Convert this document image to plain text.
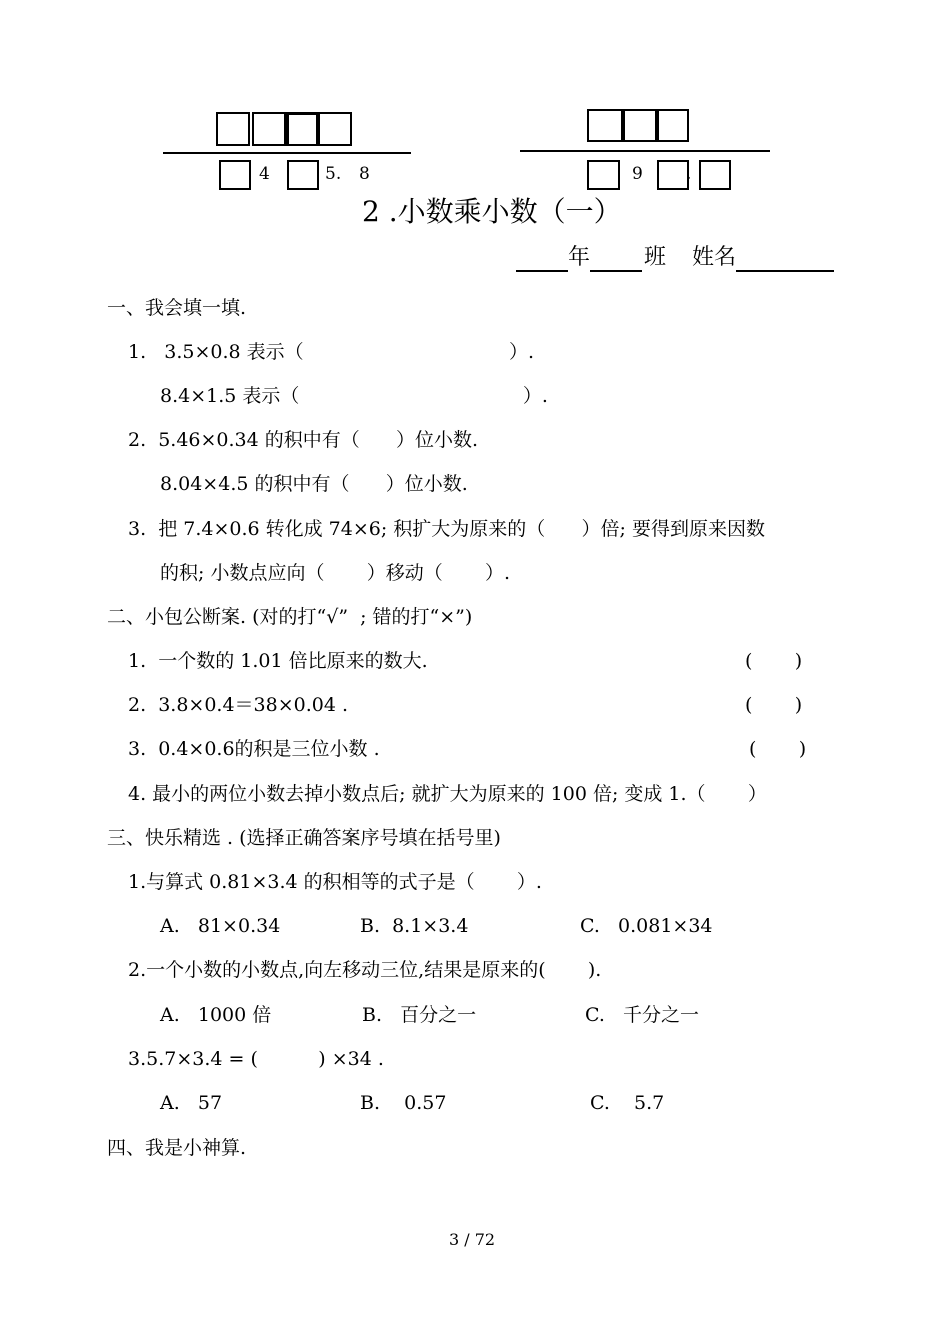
4	5. 8	9	.
2 .小数乘小数（一）
年 班 姓名
一、我会填一填.
1.   3.5×0.8 表示（                                  ）.
8.4×1.5 表示（                                     ）.
2.  5.46×0.34 的积中有（      ）位小数.
8.04×4.5 的积中有（      ）位小数.
3.  把 7.4×0.6 转化成 74×6; 积扩大为原来的（      ）倍; 要得到原来因数
的积; 小数点应向（       ）移动（       ）.
二、小包公断案. (对的打“√”  ; 错的打“×”)
1.  一个数的 1.01 倍比原来的数大.	(       )
2.  3.8×0.4＝38×0.04 .	(       )
3.  0.4×0.6的积是三位小数 .	(       )
4. 最小的两位小数去掉小数点后; 就扩大为原来的 100 倍; 变成 1.（       ）
三、快乐精选 . (选择正确答案序号填在括号里)
1.与算式 0.81×3.4 的积相等的式子是（       ）.
A.   81×0.34	B.  8.1×3.4	C.   0.081×34
2.一个小数的小数点,向左移动三位,结果是原来的(       ).
A.   1000 倍	B.   百分之一	C.   千分之一
3.5.7×3.4 = (          ) ×34 .
A.   57	B.    0.57	C.    5.7
四、我是小神算.
3 / 72
